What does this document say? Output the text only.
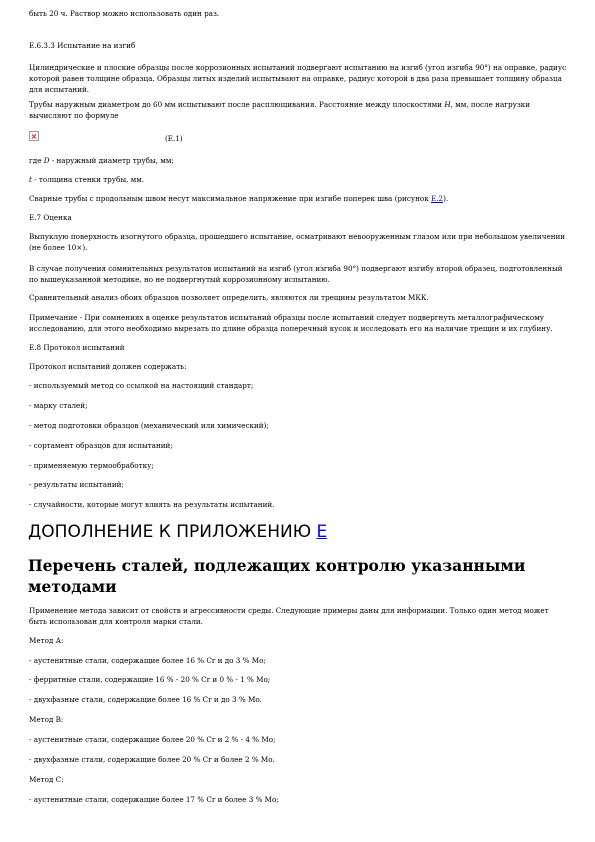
быть 20 ч. Раствор можно использовать один раз.

Е.6.3.3 Испытание на изгиб

Цилиндрические и плоские образцы после коррозионных испытаний подвергают испытанию на изгиб (угол изгиба 90°) на оправке, радиус которой равен толщине образца. Образцы литых изделий испытывают на оправке, радиус которой в два раза превышает толщину образца для испытаний.

Трубы наружным диаметром до 60 мм испытывают после расплющивания. Расстояние между плоскостями H, мм, после нагрузки вычисляют по формуле

(Е.1)

где D - наружный диаметр трубы, мм;

t - толщина стенки трубы, мм.

Сварные трубы с продольным швом несут максимальное напряжение при изгибе поперек шва (рисунок Е.2).

Е.7 Оценка

Выпуклую поверхность изогнутого образца, прошедшего испытание, осматривают невооруженным глазом или при небольшом увеличении (не более 10×).

В случае получения сомнительных результатов испытаний на изгиб (угол изгиба 90°) подвергают изгибу второй образец, подготовленный по вышеуказанной методике, но не подвергнутый коррозионному испытанию.

Сравнительный анализ обоих образцов позволяет определить, являются ли трещины результатом МКК.

Примечание - При сомнениях в оценке результатов испытаний образцы после испытаний следует подвергнуть металлографическому исследованию, для этого необходимо вырезать по длине образца поперечный кусок и исследовать его на наличие трещин и их глубину.

Е.8 Протокол испытаний

Протокол испытаний должен содержать:

- используемый метод со ссылкой на настоящий стандарт;

- марку сталей;

- метод подготовки образцов (механический или химический);

- сортамент образцов для испытаний;

- применяемую термообработку;

- результаты испытаний;

- случайности, которые могут влиять на результаты испытаний.

ДОПОЛНЕНИЕ К ПРИЛОЖЕНИЮ Е
Перечень сталей, подлежащих контролю указанными методами

Применение метода зависит от свойств и агрессивности среды. Следующие примеры даны для информации. Только один метод может быть использован для контроля марки стали.

Метод А:

- аустенитные стали, содержащие более 16 % Cr и до 3 % Mo;

- ферритные стали, содержащие 16 % - 20 % Cr и 0 % - 1 % Mo;

- двухфазные стали, содержащие более 16 % Cr и до 3 % Mo.

Метод В:

- аустенитные стали, содержащие более 20 % Cr и 2 % - 4 % Mo;

- двухфазные стали, содержащие более 20 % Cr и более 2 % Mo.

Метод С:

- аустенитные стали, содержащие более 17 % Cr и более 3 % Mo;
